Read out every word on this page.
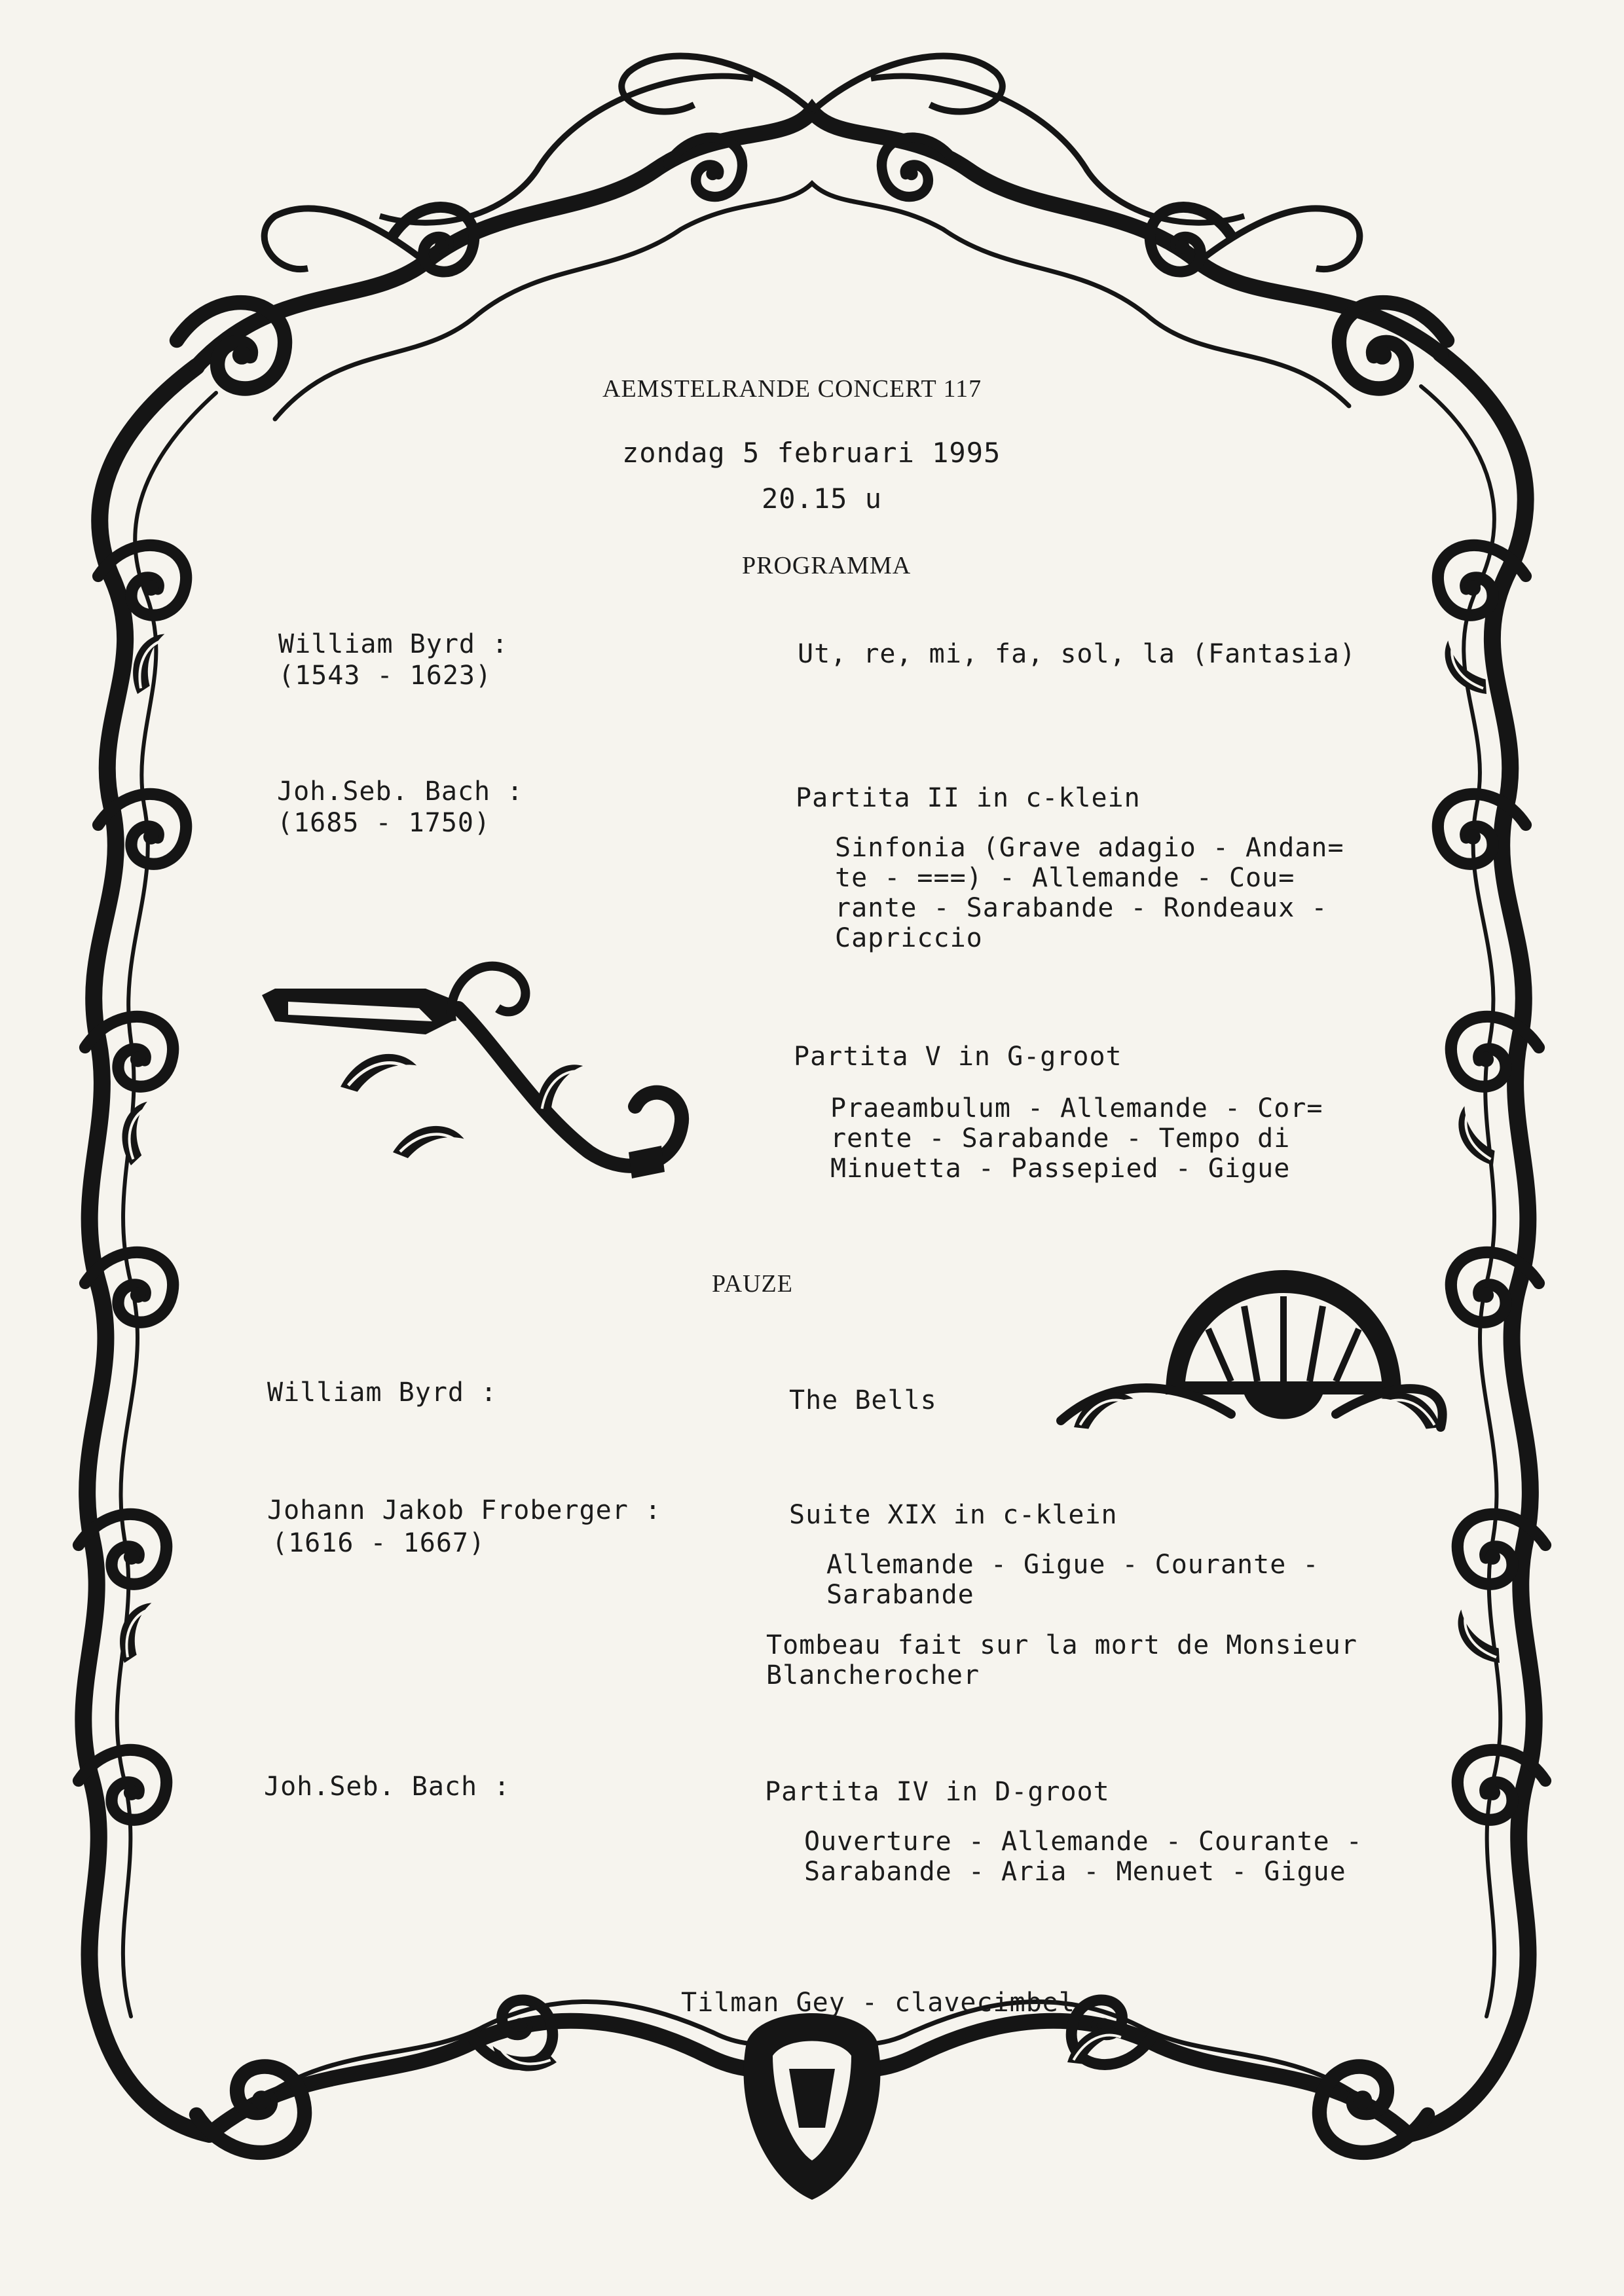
AEMSTELRANDE CONCERT 117
zondag 5 februari 1995
20.15 u
PROGRAMMA
William Byrd :
(1543 - 1623)
Ut, re, mi, fa, sol, la (Fantasia)
Joh.Seb. Bach :
(1685 - 1750)
Partita II in c-klein
Sinfonia (Grave adagio - Andan=
te - ===) - Allemande - Cou=
rante - Sarabande - Rondeaux -
Capriccio
Partita V in G-groot
Praeambulum - Allemande - Cor=
rente - Sarabande - Tempo di
Minuetta - Passepied - Gigue
PAUZE
William Byrd :	The Bells
Johann Jakob Froberger :
(1616 - 1667)
Suite XIX in c-klein
Allemande - Gigue - Courante -
Sarabande
Tombeau fait sur la mort de Monsieur
Blancherocher
Joh.Seb. Bach :	Partita IV in D-groot
Ouverture - Allemande - Courante -
Sarabande - Aria - Menuet - Gigue
Tilman Gey - clavecimbel
